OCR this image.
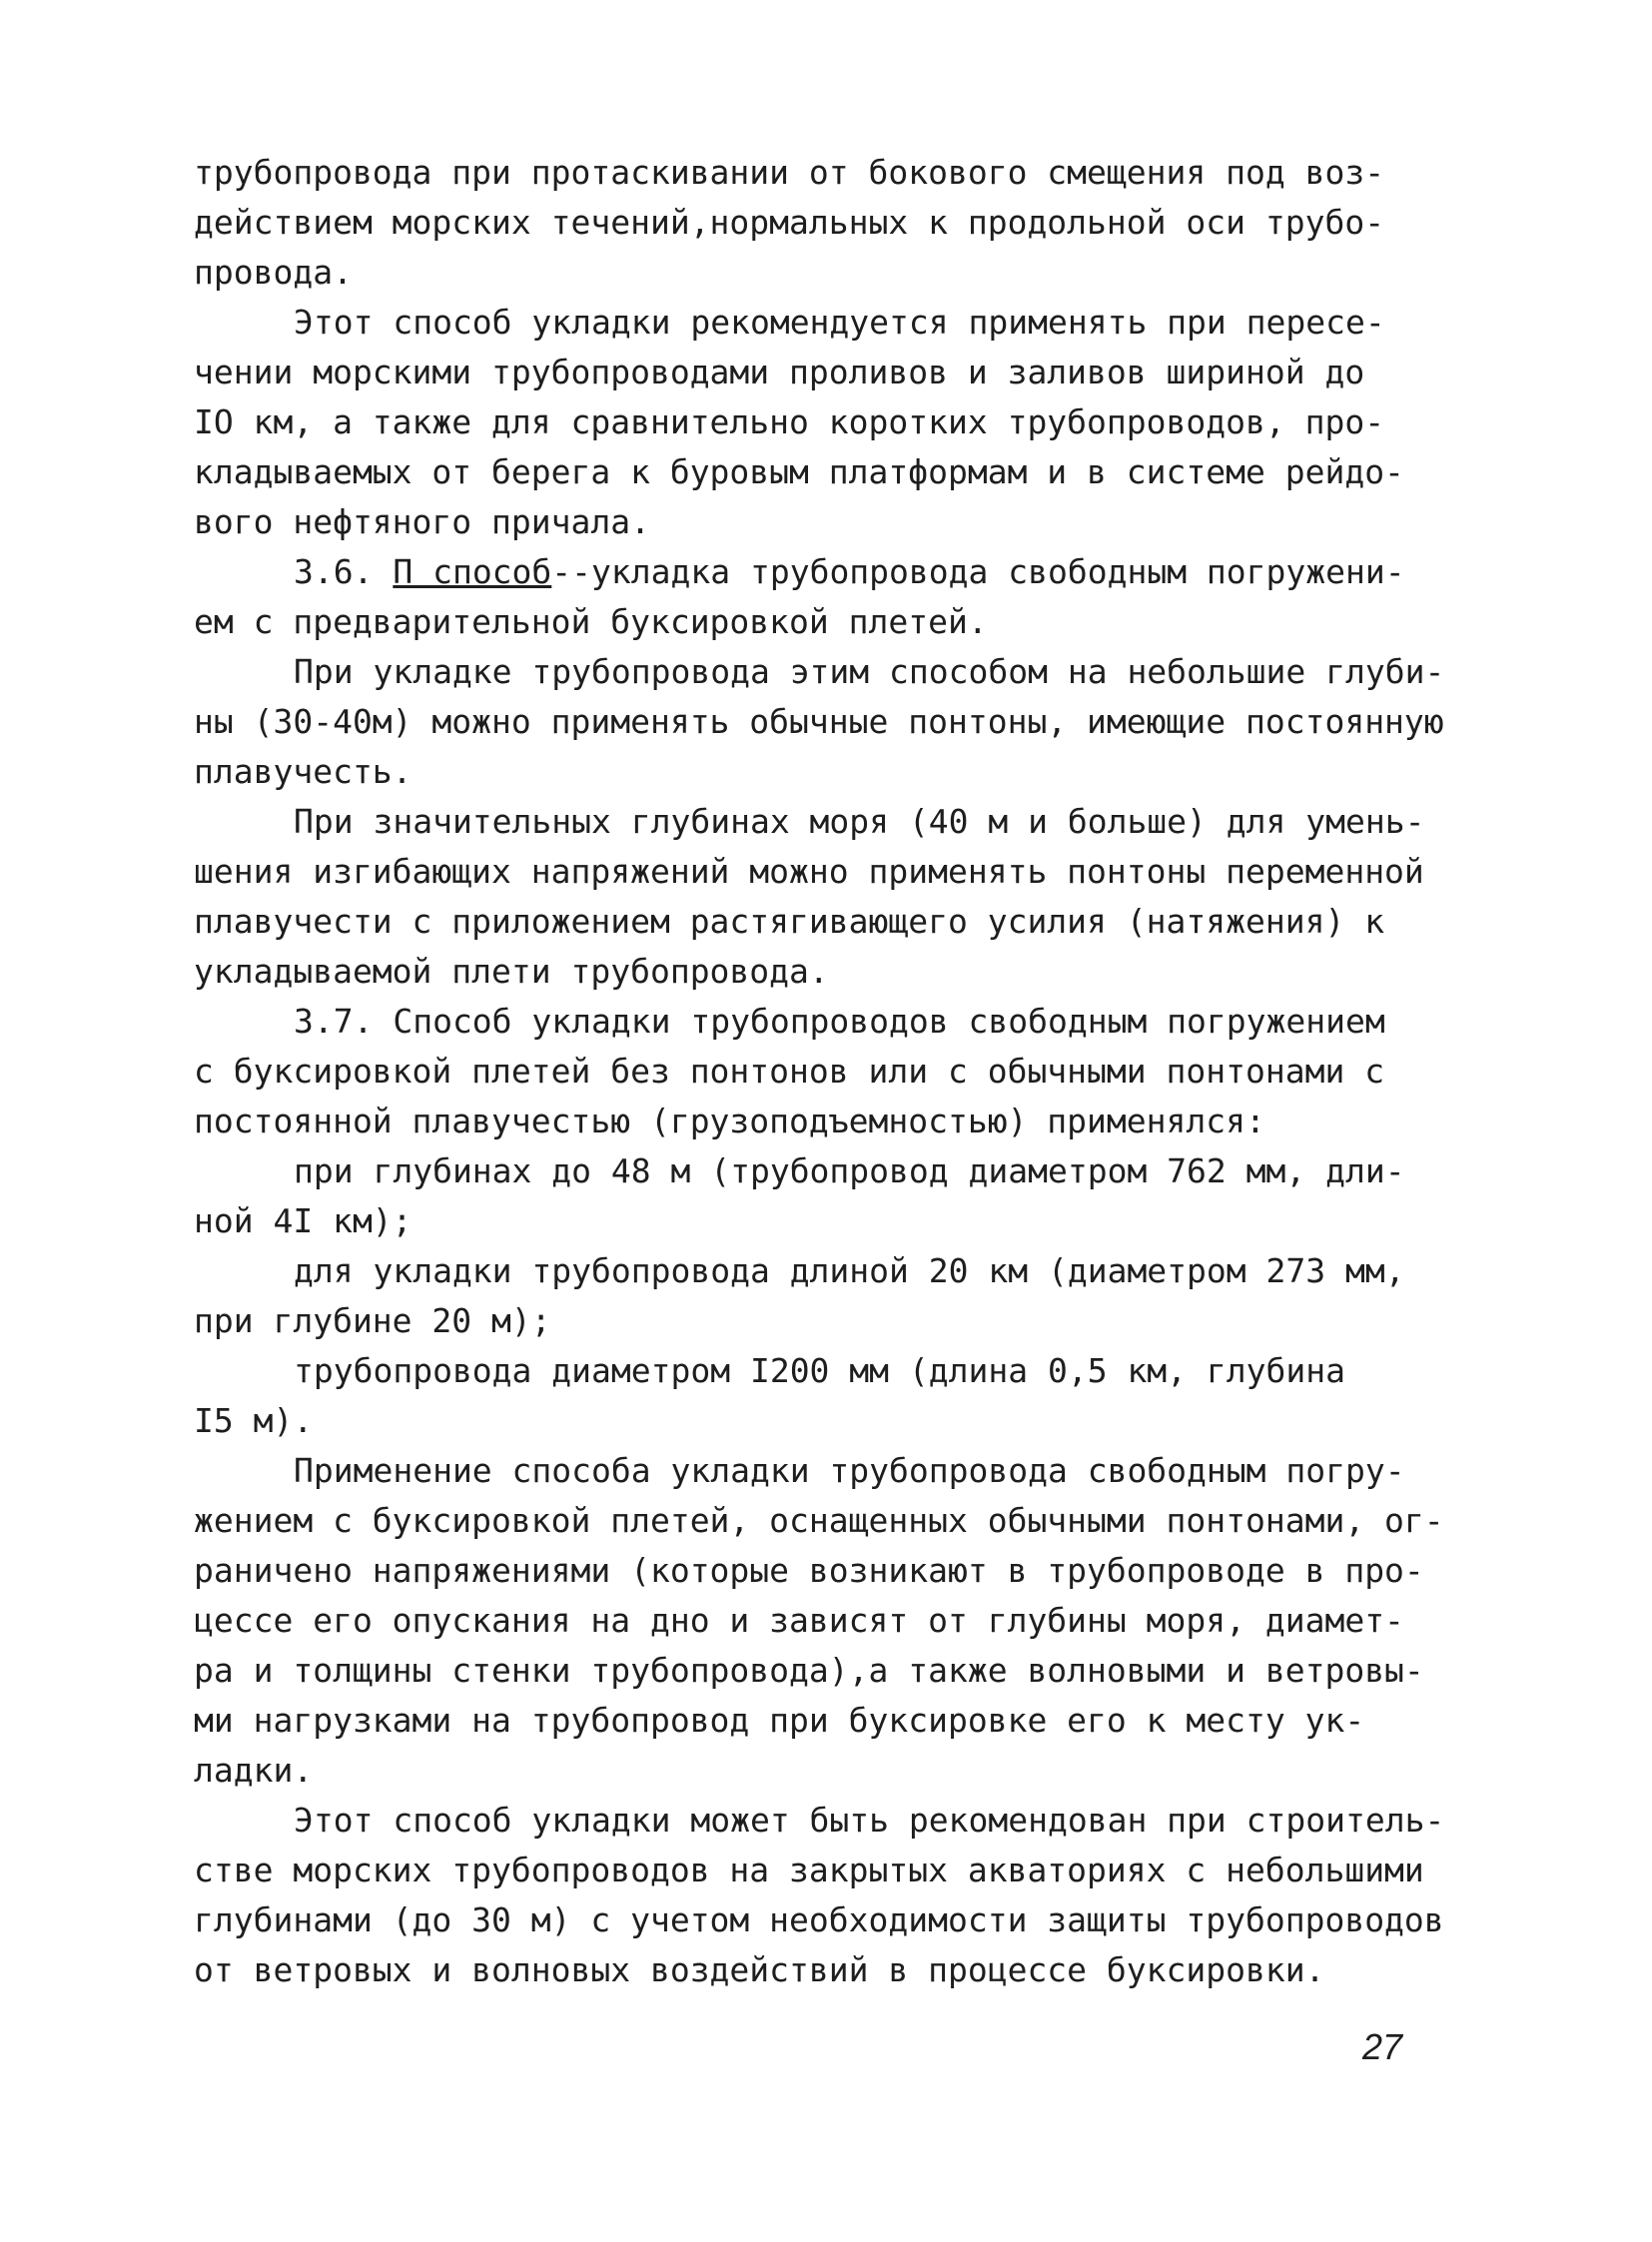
трубопровода при протаскивании от бокового смещения под воз-
действием морских течений,нормальных к продольной оси трубо-
провода.
Этот способ укладки рекомендуется применять при пересе-
чении морскими трубопроводами проливов и заливов шириной до
IO км, а также для сравнительно коротких трубопроводов, про-
кладываемых от берега к буровым платформам и в системе рейдо-
вого нефтяного причала.
3.6. П способ--укладка трубопровода свободным погружени-
ем с предварительной буксировкой плетей.
При укладке трубопровода этим способом на небольшие глуби-
ны (30-40м) можно применять обычные понтоны, имеющие постоянную
плавучесть.
При значительных глубинах моря (40 м и больше) для умень-
шения изгибающих напряжений можно применять понтоны переменной
плавучести с приложением растягивающего усилия (натяжения) к
укладываемой плети трубопровода.
3.7. Способ укладки трубопроводов свободным погружением
с буксировкой плетей без понтонов или с обычными понтонами с
постоянной плавучестью (грузоподъемностью) применялся:
при глубинах до 48 м (трубопровод диаметром 762 мм, дли-
ной 4I км);
для укладки трубопровода длиной 20 км (диаметром 273 мм,
при глубине 20 м);
трубопровода диаметром I200 мм (длина 0,5 км, глубина
I5 м).
Применение способа укладки трубопровода свободным погру-
жением с буксировкой плетей, оснащенных обычными понтонами, ог-
раничено напряжениями (которые возникают в трубопроводе в про-
цессе его опускания на дно и зависят от глубины моря, диамет-
ра и толщины стенки трубопровода),а также волновыми и ветровы-
ми нагрузками на трубопровод при буксировке его к месту ук-
ладки.
Этот способ укладки может быть рекомендован при строитель-
стве морских трубопроводов на закрытых акваториях с небольшими
глубинами (до 30 м) с учетом необходимости защиты трубопроводов
от ветровых и волновых воздействий в процессе буксировки.
27
